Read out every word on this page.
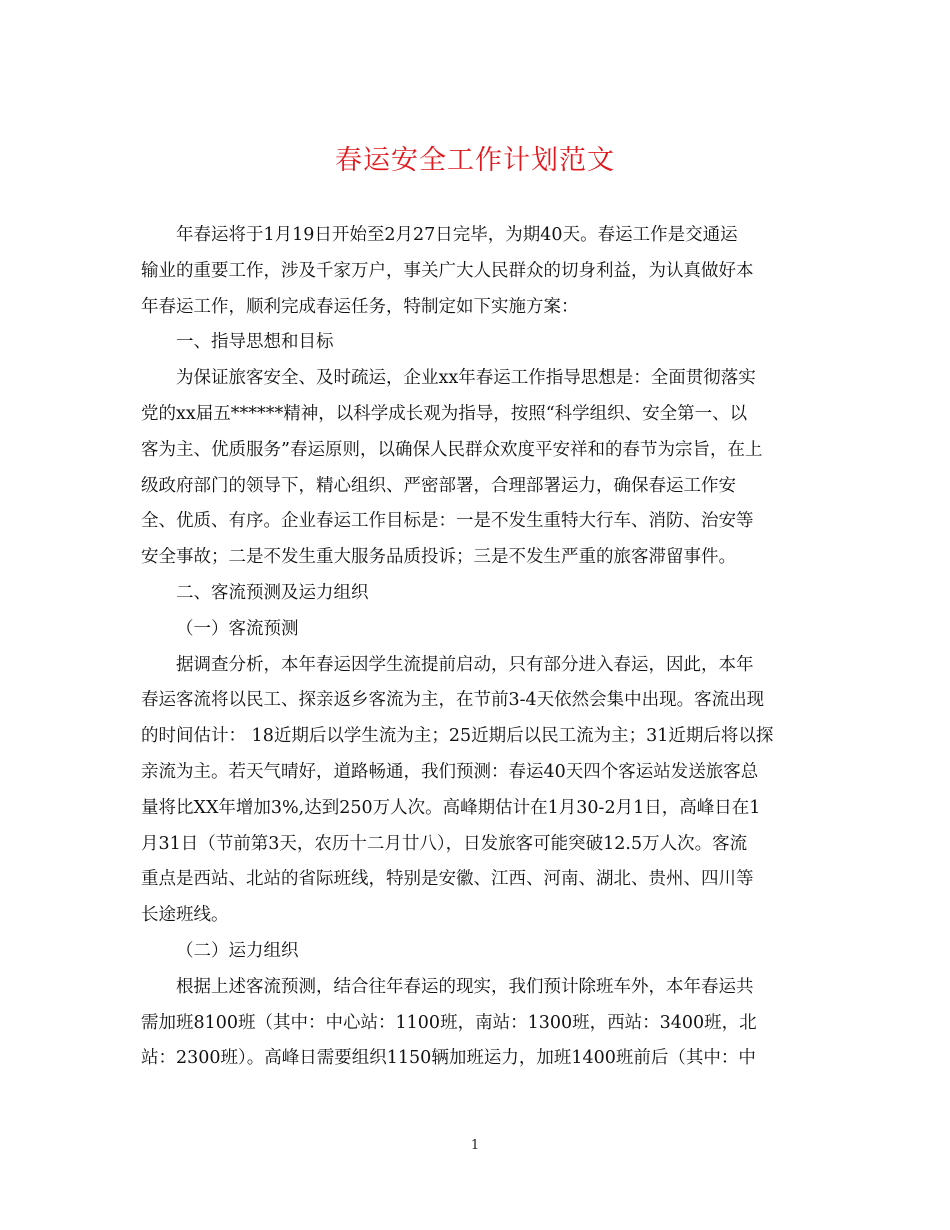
春运安全工作计划范文
年春运将于1月19日开始至2月27日完毕，为期40天。春运工作是交通运
输业的重要工作，涉及千家万户，事关广大人民群众的切身利益，为认真做好本
年春运工作，顺利完成春运任务，特制定如下实施方案：
一、指导思想和目标
为保证旅客安全、及时疏运，企业xx年春运工作指导思想是：全面贯彻落实
党的xx届五******精神，以科学成长观为指导，按照“科学组织、安全第一、以
客为主、优质服务”春运原则，以确保人民群众欢度平安祥和的春节为宗旨，在上
级政府部门的领导下，精心组织、严密部署，合理部署运力，确保春运工作安
全、优质、有序。企业春运工作目标是：一是不发生重特大行车、消防、治安等
安全事故；二是不发生重大服务品质投诉；三是不发生严重的旅客滞留事件。
二、客流预测及运力组织
（一）客流预测
据调查分析，本年春运因学生流提前启动，只有部分进入春运，因此，本年
春运客流将以民工、探亲返乡客流为主，在节前3-4天依然会集中出现。客流出现
的时间估计： 18近期后以学生流为主；25近期后以民工流为主；31近期后将以探
亲流为主。若天气晴好，道路畅通，我们预测：春运40天四个客运站发送旅客总
量将比XX年增加3%,达到250万人次。高峰期估计在1月30-2月1日，高峰日在1
月31日（节前第3天，农历十二月廿八），日发旅客可能突破12.5万人次。客流
重点是西站、北站的省际班线，特别是安徽、江西、河南、湖北、贵州、四川等
长途班线。
（二）运力组织
根据上述客流预测，结合往年春运的现实，我们预计除班车外，本年春运共
需加班8100班（其中：中心站：1100班，南站：1300班，西站：3400班，北
站：2300班）。高峰日需要组织1150辆加班运力，加班1400班前后（其中：中
1
